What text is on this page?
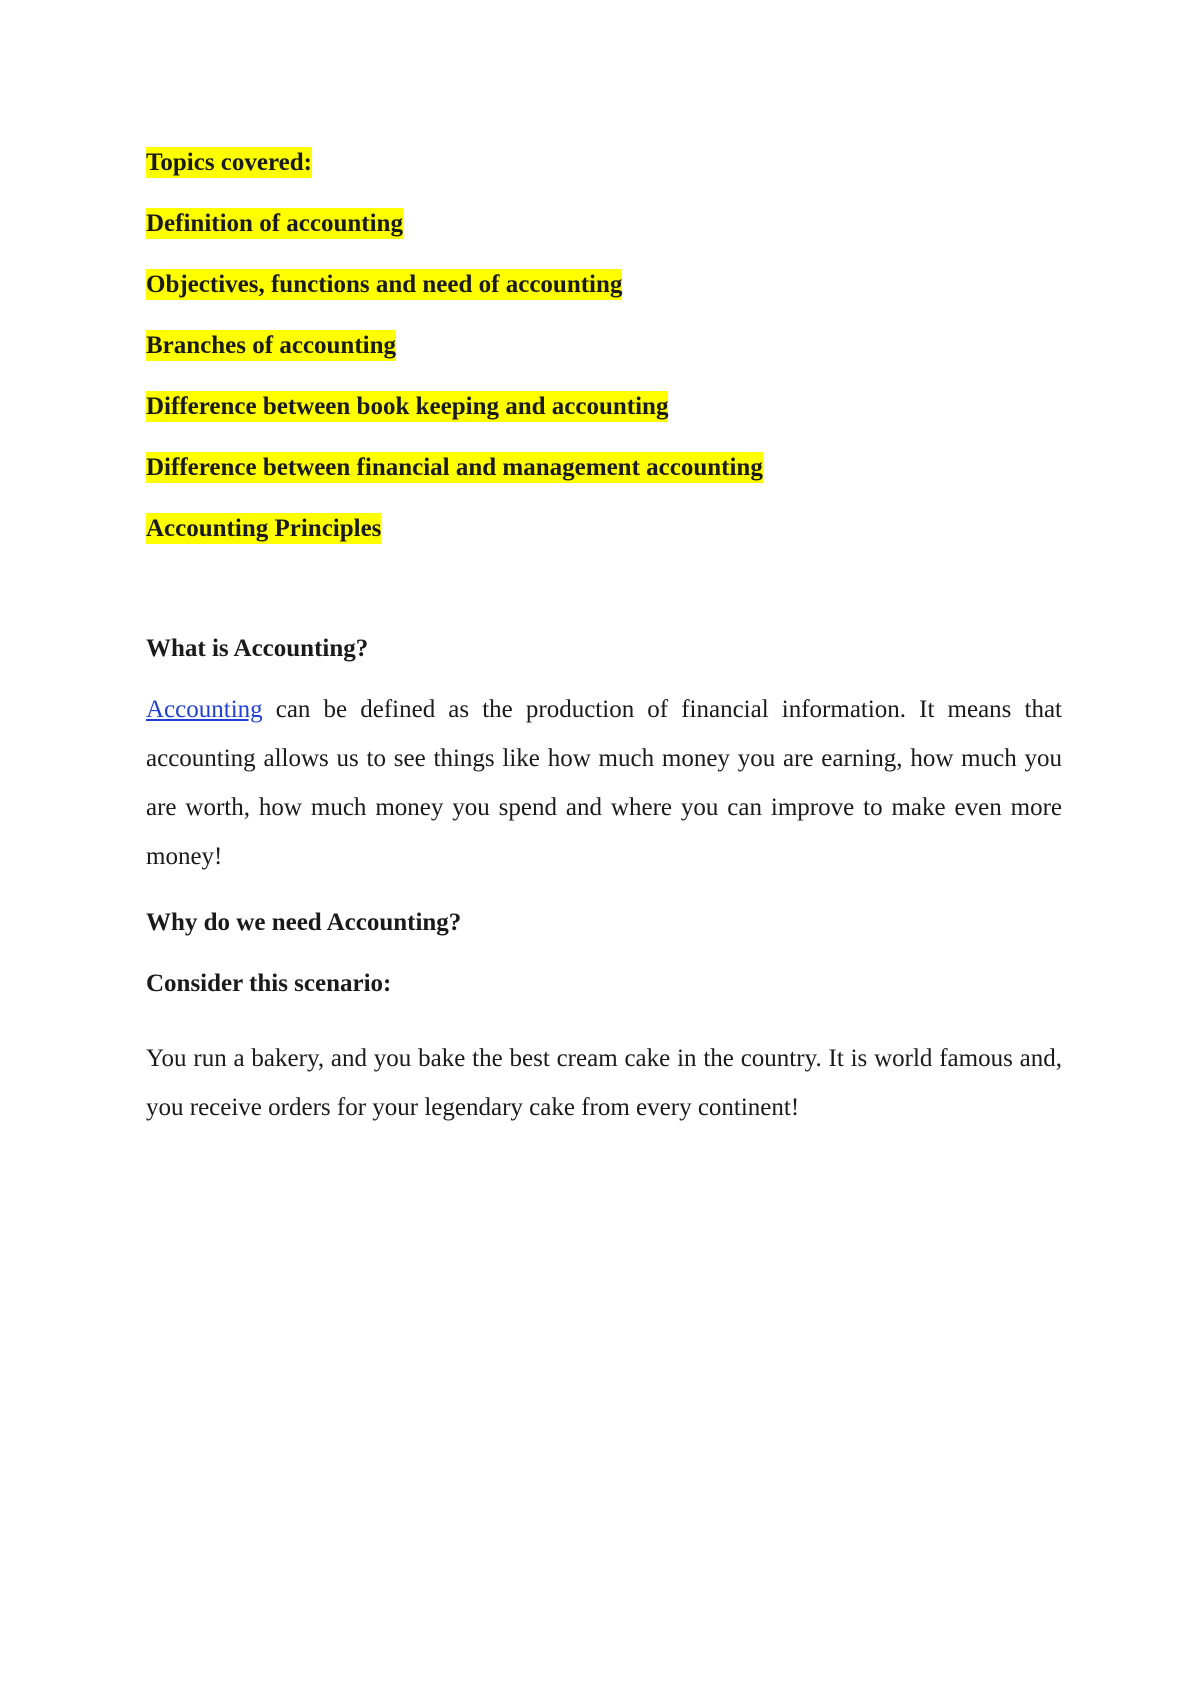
Topics covered:
Definition of accounting
Objectives, functions and need of accounting
Branches of accounting
Difference between book keeping and accounting
Difference between financial and management accounting
Accounting Principles

What is Accounting?

Accounting can be defined as the production of financial information. It means that accounting allows us to see things like how much money you are earning, how much you are worth, how much money you spend and where you can improve to make even more money!

Why do we need Accounting?

Consider this scenario:

You run a bakery, and you bake the best cream cake in the country. It is world famous and, you receive orders for your legendary cake from every continent!
